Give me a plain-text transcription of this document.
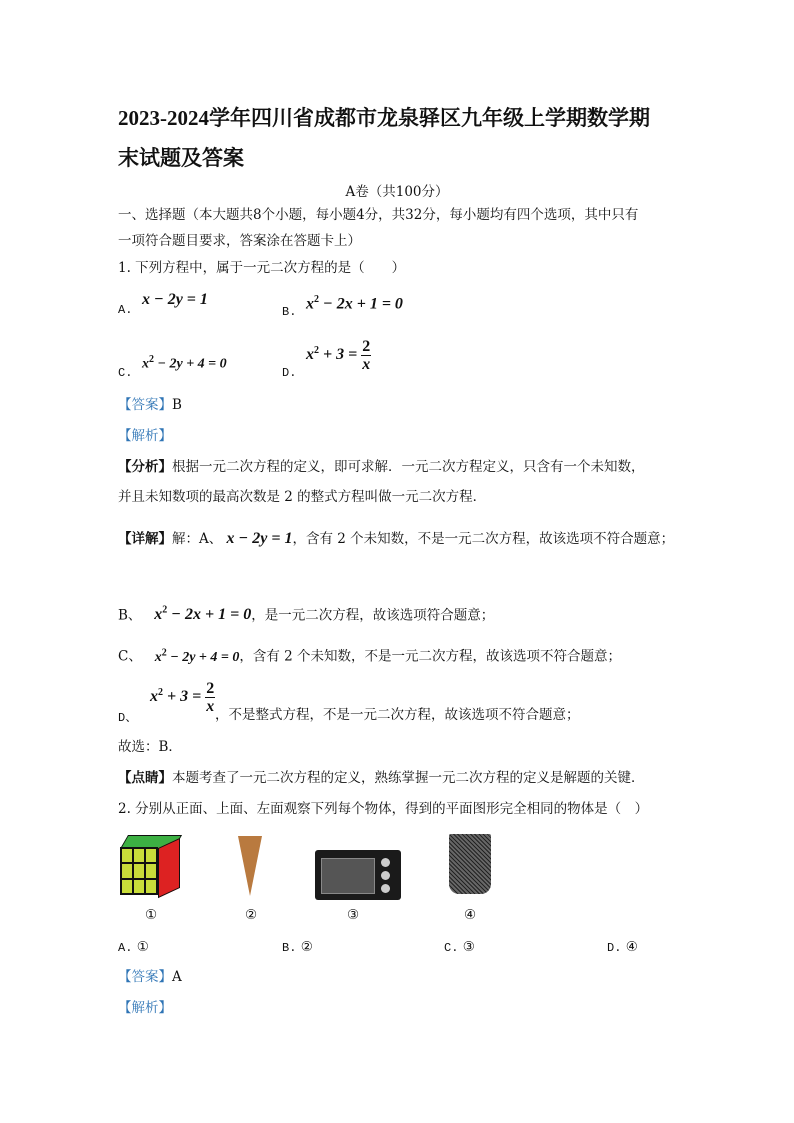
2023-2024学年四川省成都市龙泉驿区九年级上学期数学期
末试题及答案
A卷（共100分）
一、选择题（本大题共8个小题，每小题4分，共32分，每小题均有四个选项，其中只有
一项符合题目要求，答案涂在答题卡上）
1. 下列方程中，属于一元二次方程的是（　　）
A.
x − 2y = 1
B. $x^2 - 2x + 1 = 0$
C.
$x^2 - 2y + 4 = 0$
D.
$x^2 + 3 = \frac{2}{x}$
【答案】B
【解析】
【分析】根据一元二次方程的定义，即可求解．一元二次方程定义，只含有一个未知数，
并且未知数项的最高次数是 2 的整式方程叫做一元二次方程．
【详解】解：A、 x − 2y = 1，含有 2 个未知数，不是一元二次方程，故该选项不符合题意；
B、 $x^2 - 2x + 1 = 0$，是一元二次方程，故该选项符合题意；
C、 $x^2 - 2y + 4 = 0$，含有 2 个未知数，不是一元二次方程，故该选项不符合题意；
D、
$x^2 + 3 = \frac{2}{x}$ ，不是整式方程，不是一元二次方程，故该选项不符合题意；
故选：B．
【点睛】本题考查了一元二次方程的定义，熟练掌握一元二次方程的定义是解题的关键．
2. 分别从正面、上面、左面观察下列每个物体，得到的平面图形完全相同的物体是（　）
①	②	③	④
A. ①	B. ②	C. ③	D. ④
【答案】A
【解析】
